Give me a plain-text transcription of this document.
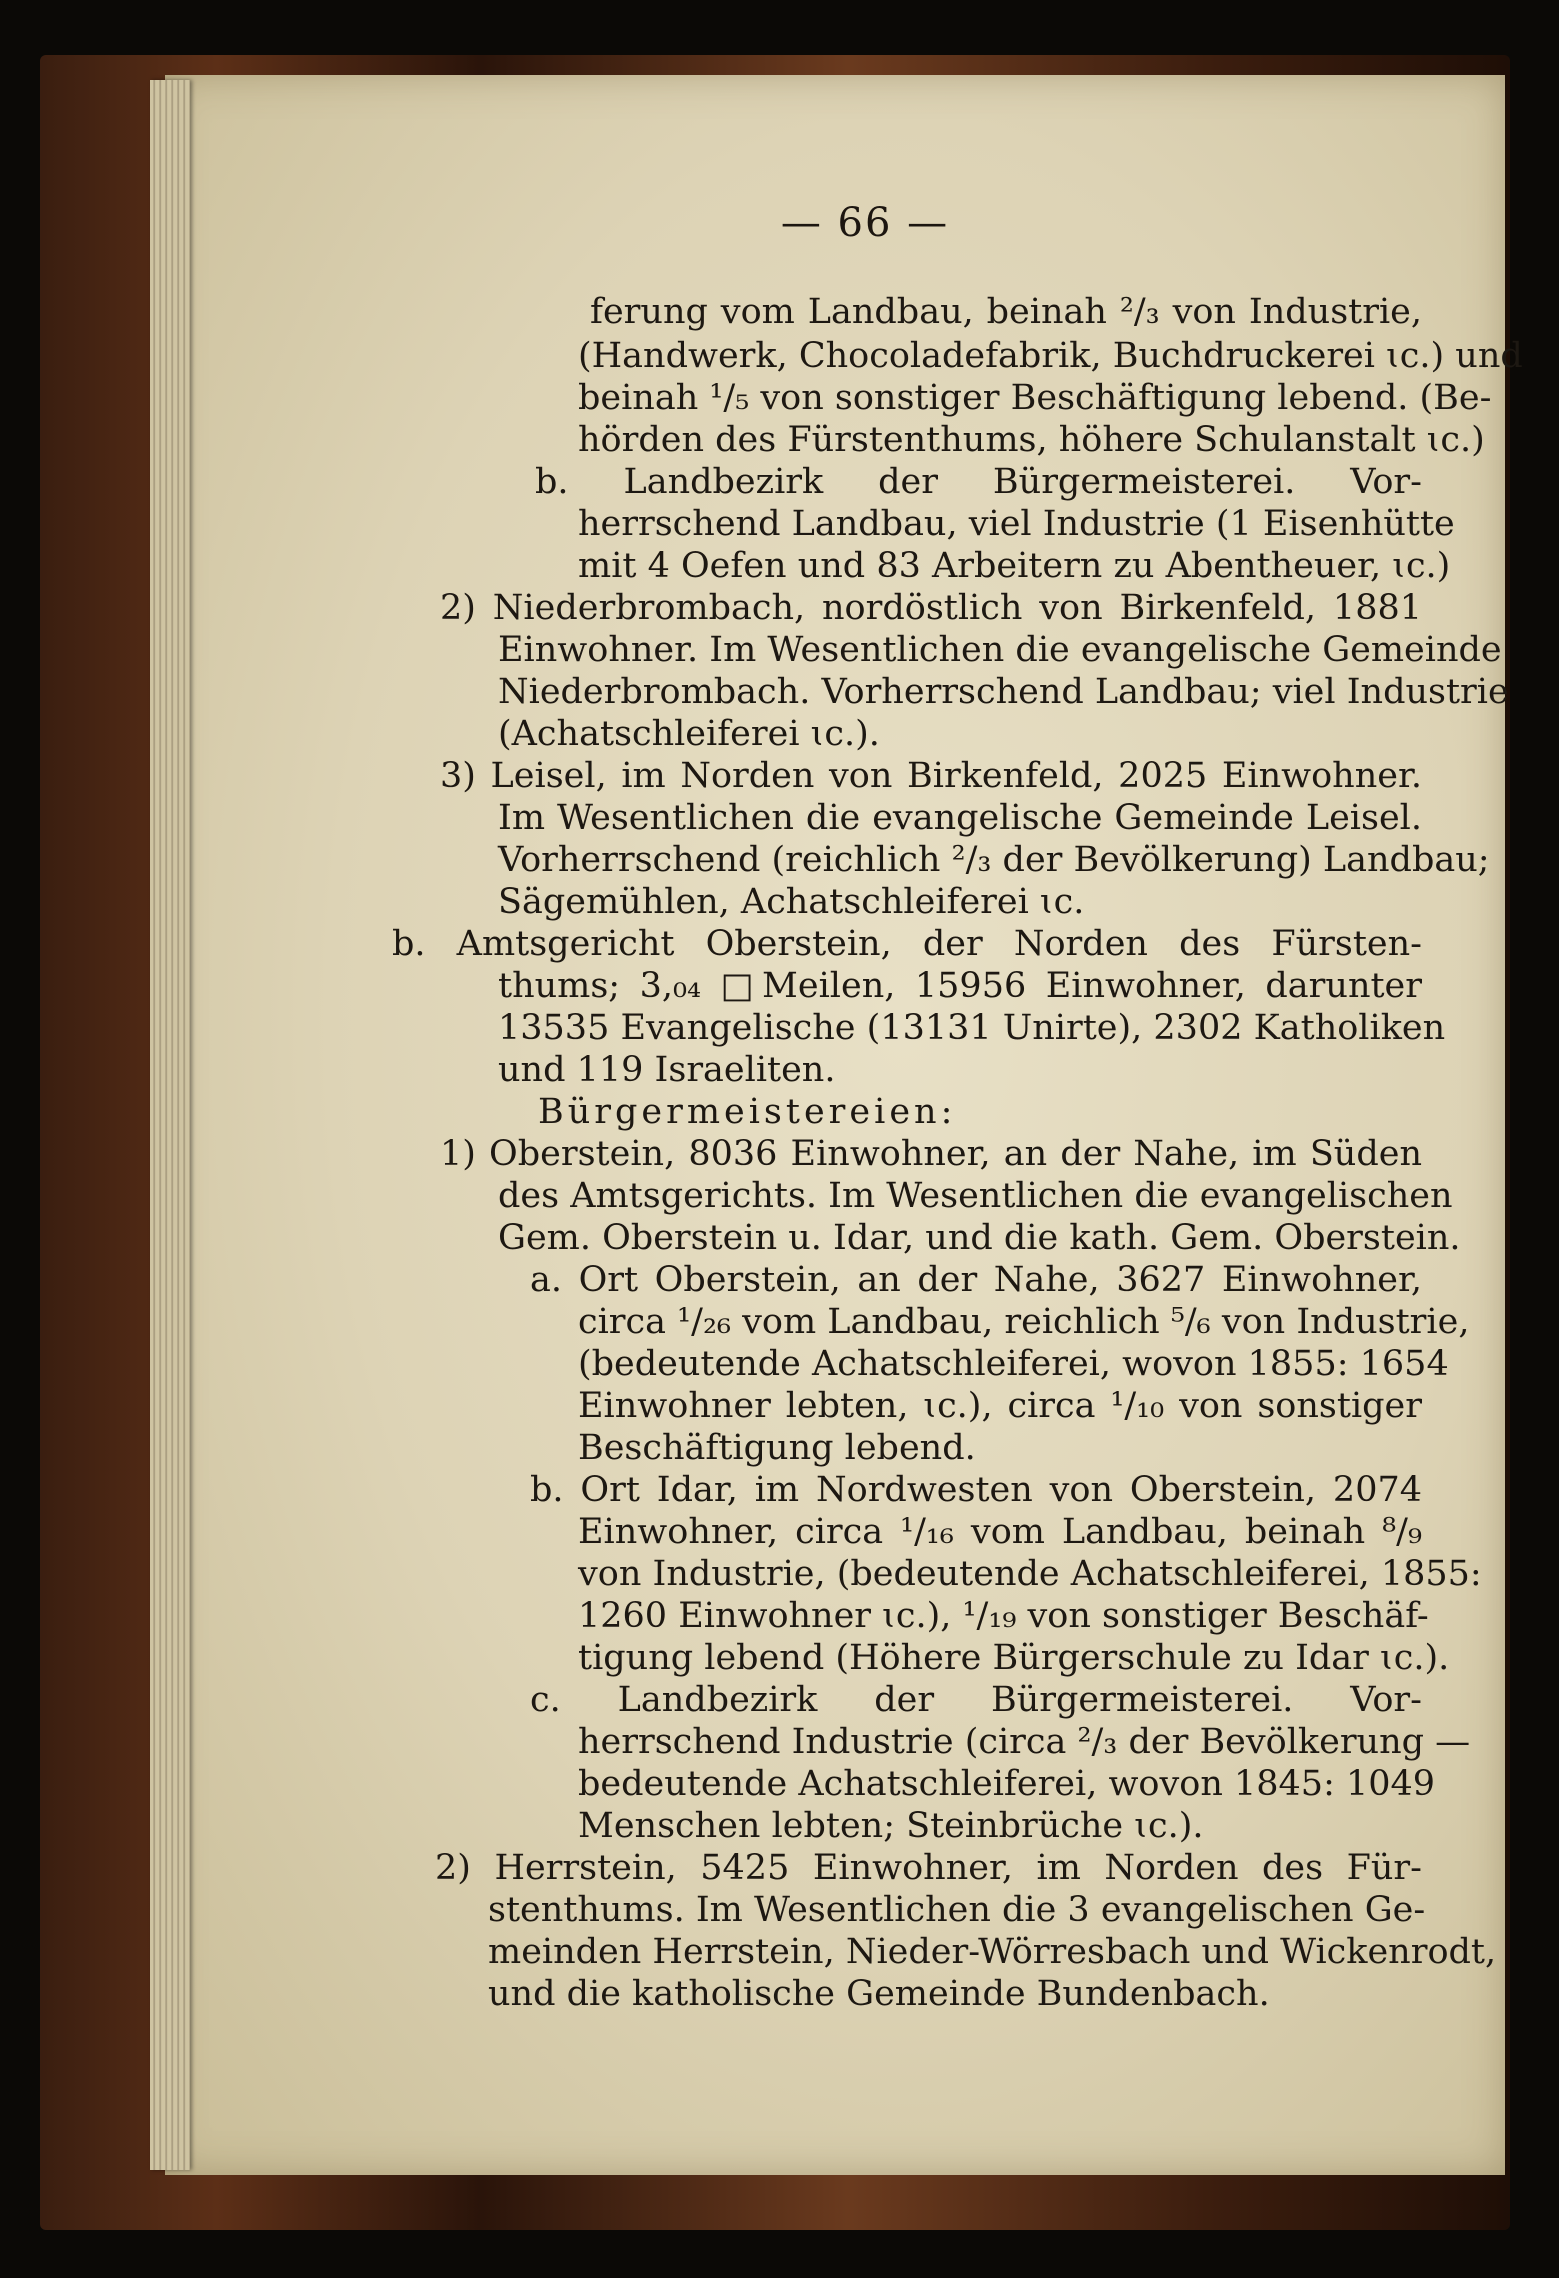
— 66 —
ferung vom Landbau, beinah ²/₃ von Industrie,
(Handwerk, Chocoladefabrik, Buchdruckerei ɩc.) und
beinah ¹/₅ von sonstiger Beschäftigung lebend. (Be-
hörden des Fürstenthums, höhere Schulanstalt ɩc.)
b. Landbezirk der Bürgermeisterei. Vor-
herrschend Landbau, viel Industrie (1 Eisenhütte
mit 4 Oefen und 83 Arbeitern zu Abentheuer, ɩc.)
2) Niederbrombach, nordöstlich von Birkenfeld, 1881
Einwohner. Im Wesentlichen die evangelische Gemeinde
Niederbrombach. Vorherrschend Landbau; viel Industrie
(Achatschleiferei ɩc.).
3) Leisel, im Norden von Birkenfeld, 2025 Einwohner.
Im Wesentlichen die evangelische Gemeinde Leisel.
Vorherrschend (reichlich ²/₃ der Bevölkerung) Landbau;
Sägemühlen, Achatschleiferei ɩc.
b. Amtsgericht Oberstein, der Norden des Fürsten-
thums; 3,₀₄ □Meilen, 15956 Einwohner, darunter
13535 Evangelische (13131 Unirte), 2302 Katholiken
und 119 Israeliten.
Bürgermeistereien:
1) Oberstein, 8036 Einwohner, an der Nahe, im Süden
des Amtsgerichts. Im Wesentlichen die evangelischen
Gem. Oberstein u. Idar, und die kath. Gem. Oberstein.
a. Ort Oberstein, an der Nahe, 3627 Einwohner,
circa ¹/₂₆ vom Landbau, reichlich ⁵/₆ von Industrie,
(bedeutende Achatschleiferei, wovon 1855: 1654
Einwohner lebten, ɩc.), circa ¹/₁₀ von sonstiger
Beschäftigung lebend.
b. Ort Idar, im Nordwesten von Oberstein, 2074
Einwohner, circa ¹/₁₆ vom Landbau, beinah ⁸/₉
von Industrie, (bedeutende Achatschleiferei, 1855:
1260 Einwohner ɩc.), ¹/₁₉ von sonstiger Beschäf-
tigung lebend (Höhere Bürgerschule zu Idar ɩc.).
c. Landbezirk der Bürgermeisterei. Vor-
herrschend Industrie (circa ²/₃ der Bevölkerung —
bedeutende Achatschleiferei, wovon 1845: 1049
Menschen lebten; Steinbrüche ɩc.).
2) Herrstein, 5425 Einwohner, im Norden des Für-
stenthums. Im Wesentlichen die 3 evangelischen Ge-
meinden Herrstein, Nieder-Wörresbach und Wickenrodt,
und die katholische Gemeinde Bundenbach.
